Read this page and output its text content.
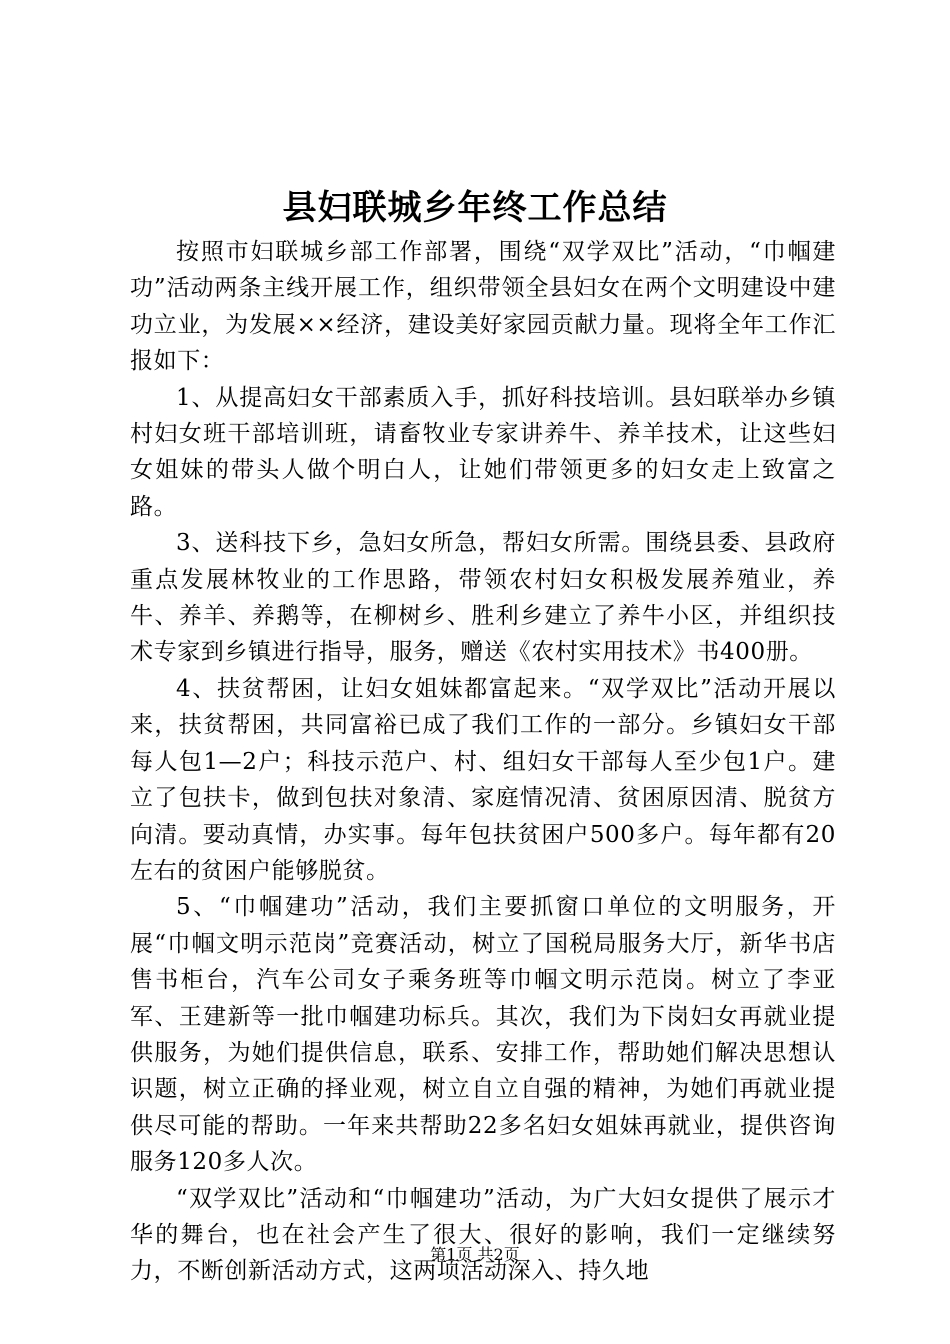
县妇联城乡年终工作总结

按照市妇联城乡部工作部署，围绕“双学双比”活动，“巾帼建功”活动两条主线开展工作，组织带领全县妇女在两个文明建设中建功立业，为发展××经济，建设美好家园贡献力量。现将全年工作汇报如下：

1、从提高妇女干部素质入手，抓好科技培训。县妇联举办乡镇村妇女班干部培训班，请畜牧业专家讲养牛、养羊技术，让这些妇女姐妹的带头人做个明白人，让她们带领更多的妇女走上致富之路。

3、送科技下乡，急妇女所急，帮妇女所需。围绕县委、县政府重点发展林牧业的工作思路，带领农村妇女积极发展养殖业，养牛、养羊、养鹅等，在柳树乡、胜利乡建立了养牛小区，并组织技术专家到乡镇进行指导，服务，赠送《农村实用技术》书400册。

4、扶贫帮困，让妇女姐妹都富起来。“双学双比”活动开展以来，扶贫帮困，共同富裕已成了我们工作的一部分。乡镇妇女干部每人包1—2户；科技示范户、村、组妇女干部每人至少包1户。建立了包扶卡，做到包扶对象清、家庭情况清、贫困原因清、脱贫方向清。要动真情，办实事。每年包扶贫困户500多户。每年都有20左右的贫困户能够脱贫。

5、“巾帼建功”活动，我们主要抓窗口单位的文明服务，开展“巾帼文明示范岗”竞赛活动，树立了国税局服务大厅，新华书店售书柜台，汽车公司女子乘务班等巾帼文明示范岗。树立了李亚军、王建新等一批巾帼建功标兵。其次，我们为下岗妇女再就业提供服务，为她们提供信息，联系、安排工作，帮助她们解决思想认识题，树立正确的择业观，树立自立自强的精神，为她们再就业提供尽可能的帮助。一年来共帮助22多名妇女姐妹再就业，提供咨询服务120多人次。

“双学双比”活动和“巾帼建功”活动，为广大妇女提供了展示才华的舞台，也在社会产生了很大、很好的影响，我们一定继续努力，不断创新活动方式，这两项活动深入、持久地

第1页 共2页
